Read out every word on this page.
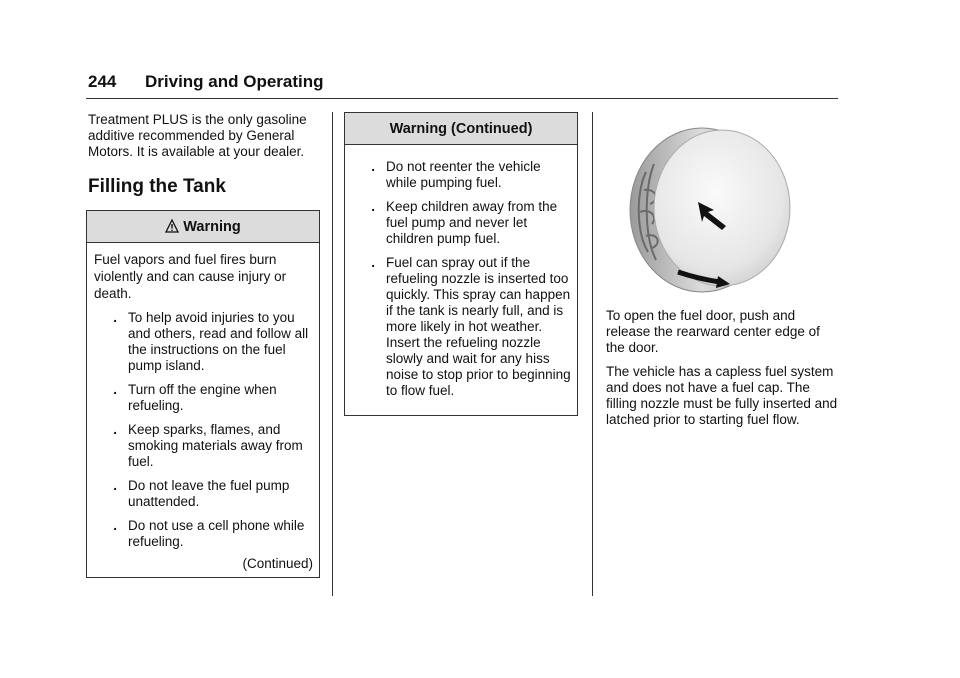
244 Driving and Operating

Treatment PLUS is the only gasoline additive recommended by General Motors. It is available at your dealer.

Filling the Tank
Warning
Fuel vapors and fuel fires burn violently and can cause injury or death.
. To help avoid injuries to you and others, read and follow all the instructions on the fuel pump island.
. Turn off the engine when refueling.
. Keep sparks, flames, and smoking materials away from fuel.
. Do not leave the fuel pump unattended.
. Do not use a cell phone while refueling.
(Continued)
Warning (Continued)
. Do not reenter the vehicle while pumping fuel.
. Keep children away from the fuel pump and never let children pump fuel.
. Fuel can spray out if the refueling nozzle is inserted too quickly. This spray can happen if the tank is nearly full, and is more likely in hot weather. Insert the refueling nozzle slowly and wait for any hiss noise to stop prior to beginning to flow fuel.

To open the fuel door, push and release the rearward center edge of the door.

The vehicle has a capless fuel system and does not have a fuel cap. The filling nozzle must be fully inserted and latched prior to starting fuel flow.
